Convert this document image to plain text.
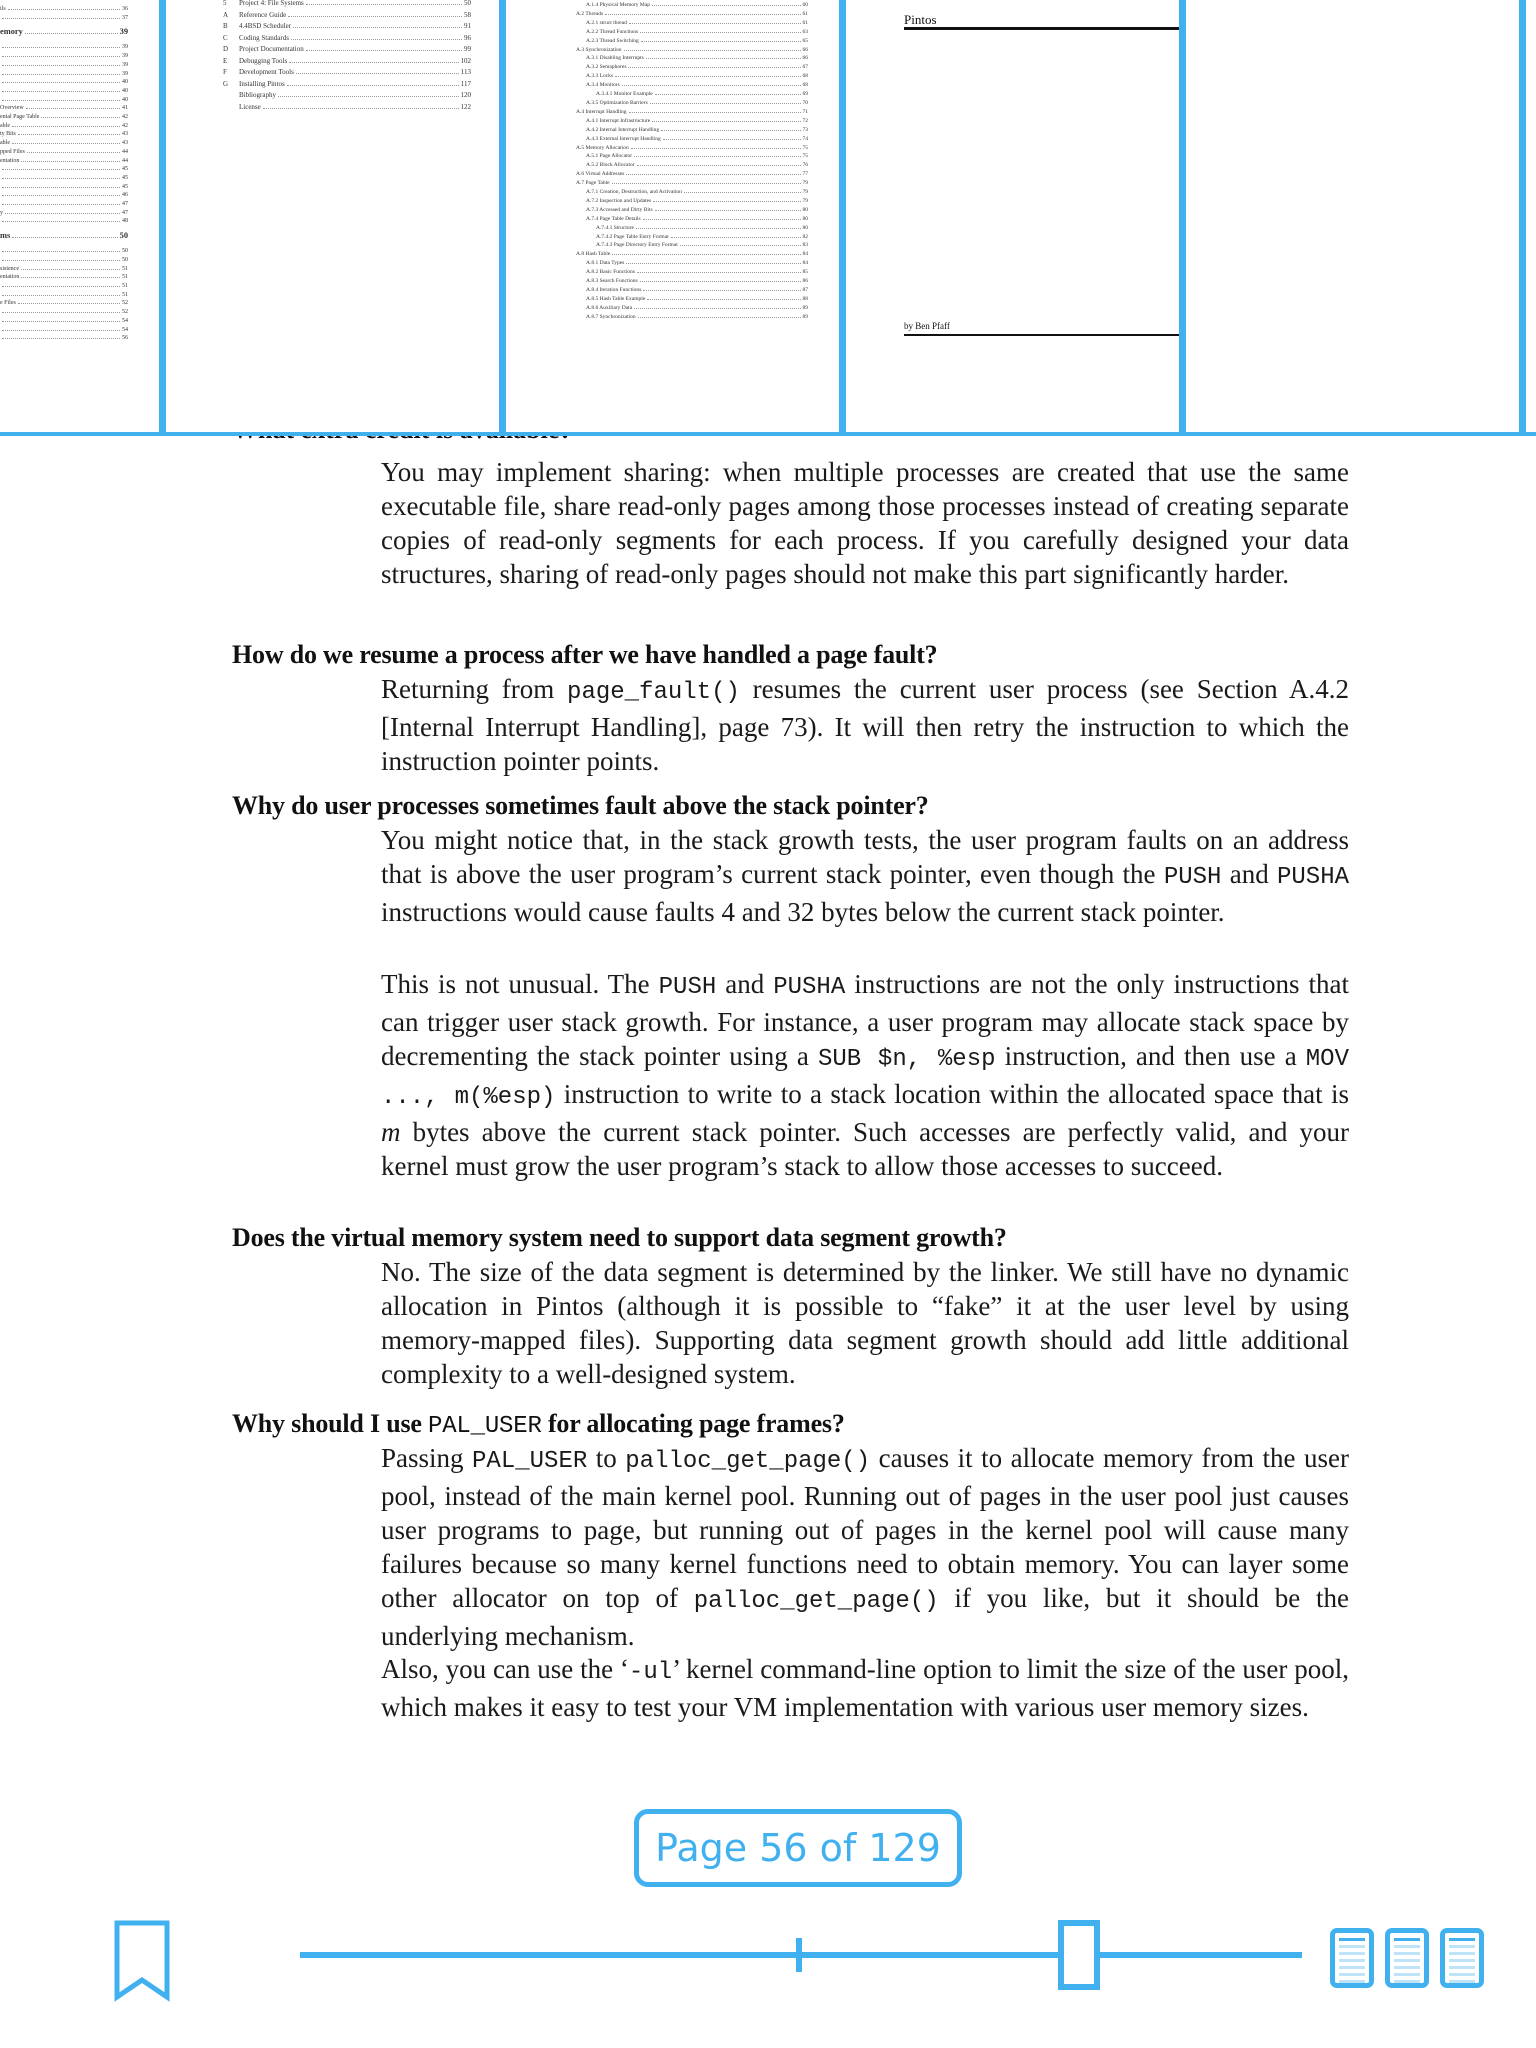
You may implement sharing: when multiple processes are created that use the same executable file, share read-only pages among those processes instead of creating separate copies of read-only segments for each process. If you carefully designed your data structures, sharing of read-only pages should not make this part significantly harder.
How do we resume a process after we have handled a page fault?
Returning from page_fault() resumes the current user process (see Section A.4.2 [Internal Interrupt Handling], page 73). It will then retry the instruction to which the instruction pointer points.
Why do user processes sometimes fault above the stack pointer?
You might notice that, in the stack growth tests, the user program faults on an address that is above the user program’s current stack pointer, even though the PUSH and PUSHA instructions would cause faults 4 and 32 bytes below the current stack pointer.
This is not unusual. The PUSH and PUSHA instructions are not the only instructions that can trigger user stack growth. For instance, a user program may allocate stack space by decrementing the stack pointer using a SUB $n, %esp instruction, and then use a MOV ..., m(%esp) instruction to write to a stack location within the allocated space that is m bytes above the current stack pointer. Such accesses are perfectly valid, and your kernel must grow the user program’s stack to allow those accesses to succeed.
Does the virtual memory system need to support data segment growth?
No. The size of the data segment is determined by the linker. We still have no dynamic allocation in Pintos (although it is possible to “fake” it at the user level by using memory-mapped files). Supporting data segment growth should add little additional complexity to a well-designed system.
Why should I use PAL_USER for allocating page frames?
Passing PAL_USER to palloc_get_page() causes it to allocate memory from the user pool, instead of the main kernel pool. Running out of pages in the user pool just causes user programs to page, but running out of pages in the kernel pool will cause many failures because so many kernel functions need to obtain memory. You can layer some other allocator on top of palloc_get_page() if you like, but it should be the underlying mechanism.
Also, you can use the ‘-ul’ kernel command-line option to limit the size of the user pool, which makes it easy to test your VM implementation with various user memory sizes.
ils	36
37
emory	39
39
39
39
39
40
40
40
Overview	41
ental Page Table	42
able	42
ty Bits	43
able	43
pped Files	44
entation	44
45
45
45
46
47
y	47
48
ms	50
50
50
sistence	51
entation	51
51
51
e Files	52
52
54
54
56
5	Project 4: File Systems	50
A	Reference Guide	58
B	4.4BSD Scheduler	91
C	Coding Standards	96
D	Project Documentation	99
E	Debugging Tools	102
F	Development Tools	113
G	Installing Pintos	117
Bibliography	120
License	122
A.1.4 Physical Memory Map	60
A.2 Threads	61
A.2.1 struct thread	61
A.2.2 Thread Functions	63
A.2.3 Thread Switching	65
A.3 Synchronization	66
A.3.1 Disabling Interrupts	66
A.3.2 Semaphores	67
A.3.3 Locks	68
A.3.4 Monitors	68
A.3.4.1 Monitor Example	69
A.3.5 Optimization Barriers	70
A.4 Interrupt Handling	71
A.4.1 Interrupt Infrastructure	72
A.4.2 Internal Interrupt Handling	73
A.4.3 External Interrupt Handling	74
A.5 Memory Allocation	75
A.5.1 Page Allocator	75
A.5.2 Block Allocator	76
A.6 Virtual Addresses	77
A.7 Page Table	79
A.7.1 Creation, Destruction, and Activation	79
A.7.2 Inspection and Updates	79
A.7.3 Accessed and Dirty Bits	80
A.7.4 Page Table Details	80
A.7.4.1 Structure	80
A.7.4.2 Page Table Entry Format	82
A.7.4.3 Page Directory Entry Format	83
A.8 Hash Table	84
A.8.1 Data Types	84
A.8.2 Basic Functions	85
A.8.3 Search Functions	86
A.8.4 Iteration Functions	87
A.8.5 Hash Table Example	88
A.8.6 Auxiliary Data	89
A.8.7 Synchronization	89
Pintos
by Ben Pfaff
Page 56 of 129
